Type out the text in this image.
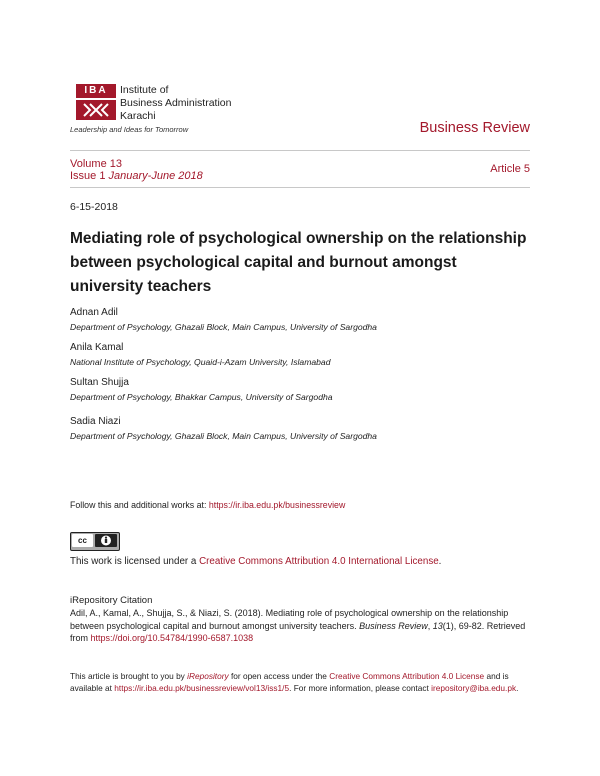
IBA	Institute of
Business Administration
Karachi
Leadership and Ideas for Tomorrow	Business Review
Volume 13
Issue 1 January-June 2018
Article 5
6-15-2018
Mediating role of psychological ownership on the relationship between psychological capital and burnout amongst university teachers
Adnan Adil
Department of Psychology, Ghazali Block, Main Campus, University of Sargodha
Anila Kamal
National Institute of Psychology, Quaid-i-Azam University, Islamabad
Sultan Shujja
Department of Psychology, Bhakkar Campus, University of Sargodha
Sadia Niazi
Department of Psychology, Ghazali Block, Main Campus, University of Sargodha
Follow this and additional works at: https://ir.iba.edu.pk/businessreview
cc
This work is licensed under a Creative Commons Attribution 4.0 International License.
iRepository Citation
Adil, A., Kamal, A., Shujja, S., & Niazi, S. (2018). Mediating role of psychological ownership on the relationship between psychological capital and burnout amongst university teachers. Business Review, 13(1), 69-82. Retrieved from https://doi.org/10.54784/1990-6587.1038
This article is brought to you by iRepository for open access under the Creative Commons Attribution 4.0 License and is available at https://ir.iba.edu.pk/businessreview/vol13/iss1/5. For more information, please contact irepository@iba.edu.pk.
